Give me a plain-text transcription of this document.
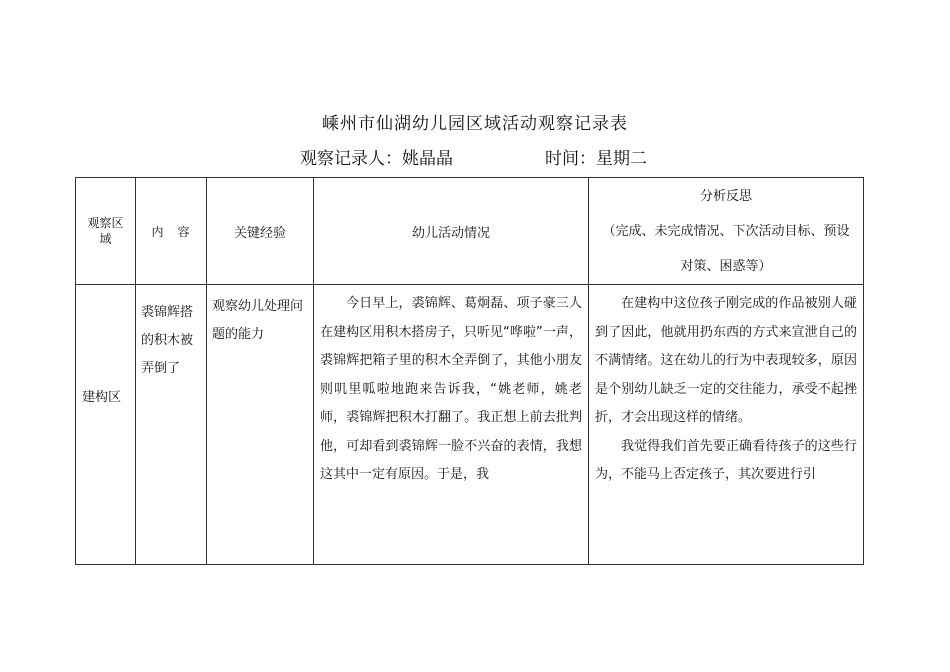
嵊州市仙湖幼儿园区域活动观察记录表
观察记录人：姚晶晶	时间：星期二
观察区域	内　容	关键经验	幼儿活动情况	分析反思
（完成、未完成情况、下次活动目标、预设
对策、困惑等）

建构区	裘锦辉搭的积木被弄倒了	观察幼儿处理问题的能力	今日早上，裘锦辉、葛炯磊、项子豪三人在建构区用积木搭房子，只听见“哗啦”一声，裘锦辉把箱子里的积木全弄倒了，其他小朋友则叽里呱啦地跑来告诉我，“姚老师，姚老师，裘锦辉把积木打翻了。我正想上前去批判他，可却看到裘锦辉一脸不兴奋的表情，我想这其中一定有原因。于是，我	在建构中这位孩子刚完成的作品被别人碰到了因此，他就用扔东西的方式来宣泄自己的不满情绪。这在幼儿的行为中表现较多，原因是个别幼儿缺乏一定的交往能力，承受不起挫折，才会出现这样的情绪。

我觉得我们首先要正确看待孩子的这些行为，不能马上否定孩子，其次要进行引
